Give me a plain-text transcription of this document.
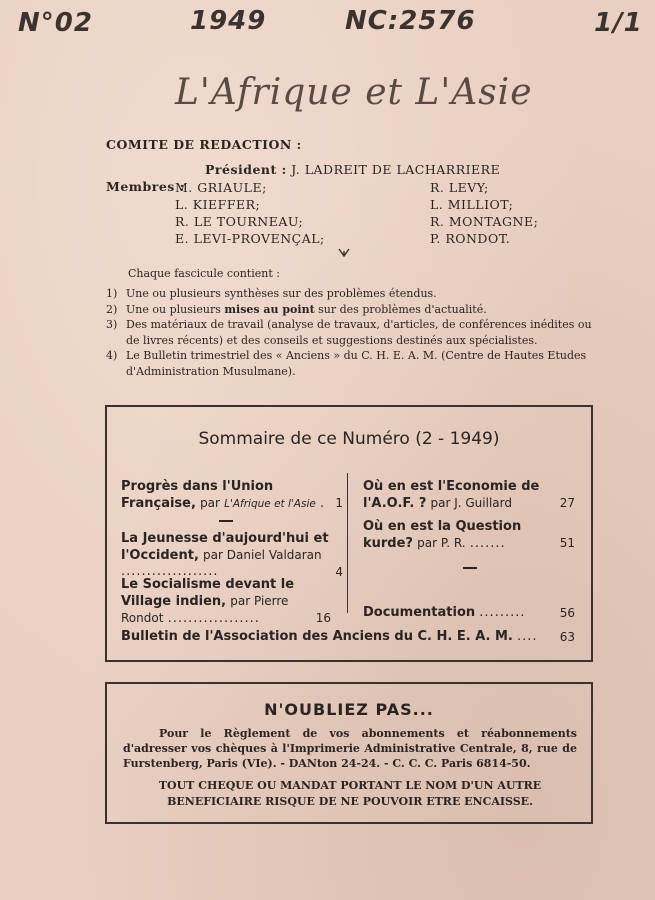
N°02	1949	NC:2576	1/1
L'Afrique et L'Asie
COMITE DE REDACTION :
Président : J. LADREIT DE LACHARRIERE
Membres :
M. GRIAULE;
L. KIEFFER;
R. LE TOURNEAU;
E. LEVI-PROVENÇAL;
R. LEVY;
L. MILLIOT;
R. MONTAGNE;
P. RONDOT.
Chaque fascicule contient :
1) Une ou plusieurs synthèses sur des problèmes étendus.
2) Une ou plusieurs mises au point sur des problèmes d'actualité.
3) Des matériaux de travail (analyse de travaux, d'articles, de conférences inédites ou de livres récents) et des conseils et suggestions destinés aux spécialistes.
4) Le Bulletin trimestriel des « Anciens » du C. H. E. A. M. (Centre de Hautes Etudes d'Administration Musulmane).
Sommaire de ce Numéro (2 - 1949)
Progrès dans l'Union Française, par L'Afrique et l'Asie . 1
La Jeunesse d'aujourd'hui et l'Occident, par Daniel Valdaran ...................	4
Le Socialisme devant le Village indien, par Pierre Rondot ..................	16
Où en est l'Economie de l'A.O.F. ? par J. Guillard	27
Où en est la Question kurde? par P. R. .......	51
Documentation .........	56
Bulletin de l'Association des Anciens du C. H. E. A. M. .... 63
N'OUBLIEZ PAS...
Pour le Règlement de vos abonnements et réabonnements d'adresser vos chèques à l'Imprimerie Administrative Centrale, 8, rue de Furstenberg, Paris (VIe). - DANton 24-24. - C. C. C. Paris 6814-50.
TOUT CHEQUE OU MANDAT PORTANT LE NOM D'UN AUTRE BENEFICIAIRE RISQUE DE NE POUVOIR ETRE ENCAISSE.
